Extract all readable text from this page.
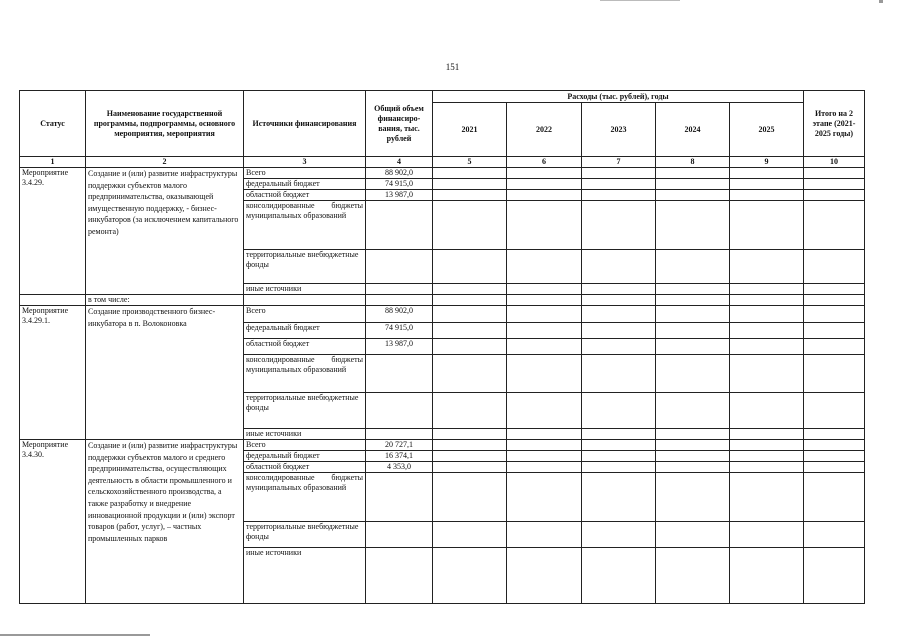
151
Статус	Наименование государственной программы, подпрограммы, основного мероприятия, мероприятия	Источники финансирования	Общий объем финансиро-вания, тыс. рублей	Расходы (тыс. рублей), годы					Итого на 2 этапе (2021-2025 годы)
				2021	2022	2023	2024	2025	
1	2	3	4	5	6	7	8	9	10
Мероприятие 3.4.29.	Создание и (или) развитие инфраструктуры поддержки субъектов малого предпринимательства, оказывающей имущественную поддержку, - бизнес-инкубаторов (за исключением капитального ремонта)	Всего	88 902,0						
		федеральный бюджет	74 915,0						
		областной бюджет	13 987,0						
		консолидированные бюджеты муниципальных образований							
		территориальные внебюджетные фонды							
		иные источники							
	в том числе:								
Мероприятие 3.4.29.1.	Создание производственного бизнес-инкубатора в п. Волоконовка	Всего	88 902,0						
		федеральный бюджет	74 915,0						
		областной бюджет	13 987,0						
		консолидированные бюджеты муниципальных образований							
		территориальные внебюджетные фонды							
		иные источники							
Мероприятие 3.4.30.	Создание и (или) развитие инфраструктуры поддержки субъектов малого и среднего предпринимательства, осуществляющих деятельность в области промышленного и сельскохозяйственного производства, а также разработку и внедрение инновационной продукции и (или) экспорт товаров (работ, услуг), – частных промышленных парков	Всего	20 727,1						
		федеральный бюджет	16 374,1						
		областной бюджет	4 353,0						
		консолидированные бюджеты муниципальных образований							
		территориальные внебюджетные фонды							
		иные источники							
